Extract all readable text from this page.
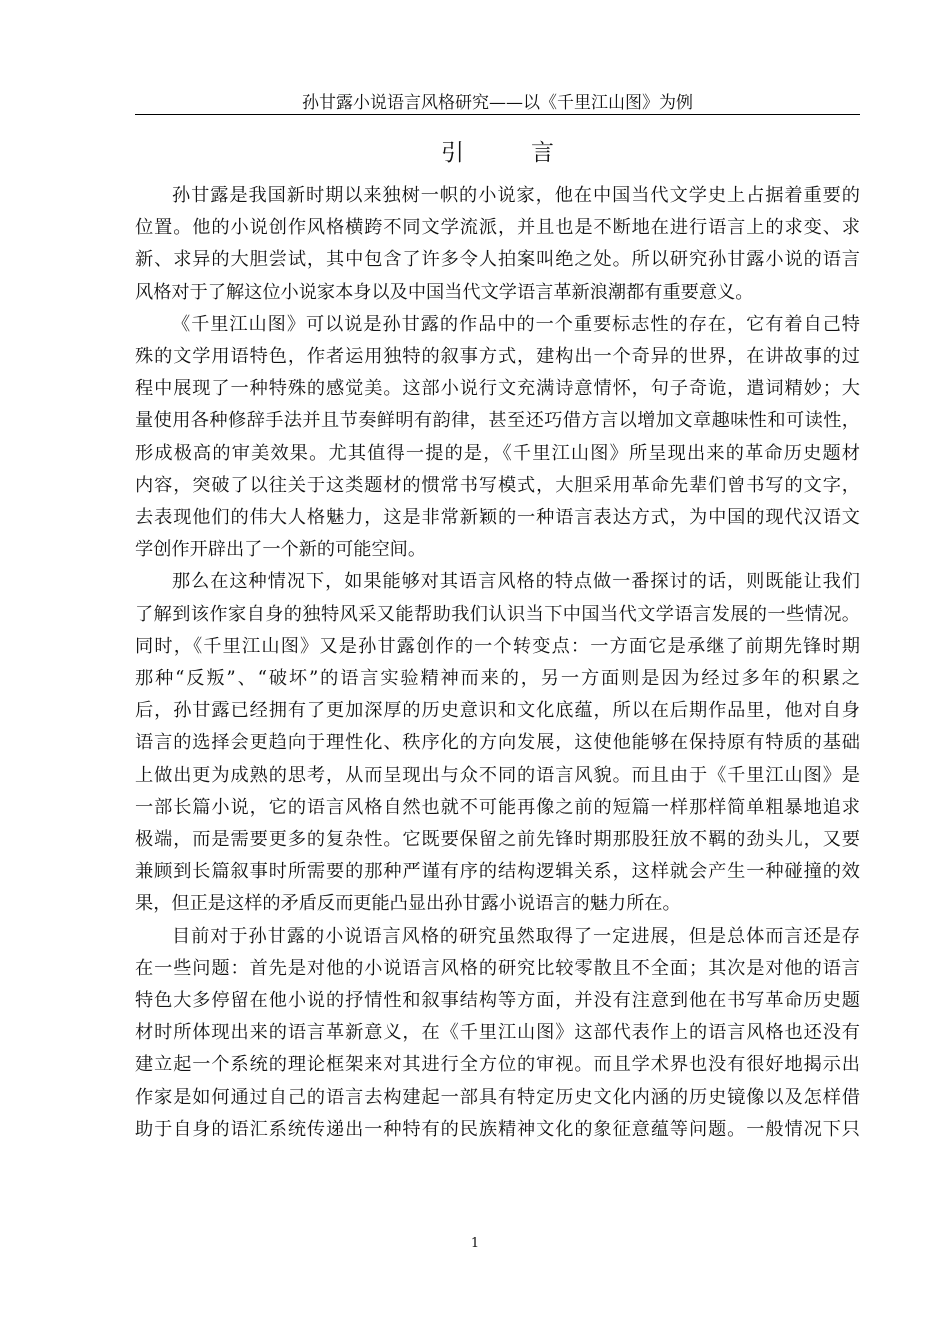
孙甘露小说语言风格研究——以《千里江山图》为例
引　言
孙甘露是我国新时期以来独树一帜的小说家，他在中国当代文学史上占据着重要的
位置。他的小说创作风格横跨不同文学流派，并且也是不断地在进行语言上的求变、求
新、求异的大胆尝试，其中包含了许多令人拍案叫绝之处。所以研究孙甘露小说的语言
风格对于了解这位小说家本身以及中国当代文学语言革新浪潮都有重要意义。
《千里江山图》可以说是孙甘露的作品中的一个重要标志性的存在，它有着自己特
殊的文学用语特色，作者运用独特的叙事方式，建构出一个奇异的世界，在讲故事的过
程中展现了一种特殊的感觉美。这部小说行文充满诗意情怀，句子奇诡，遣词精妙；大
量使用各种修辞手法并且节奏鲜明有韵律，甚至还巧借方言以增加文章趣味性和可读性，
形成极高的审美效果。尤其值得一提的是，《千里江山图》所呈现出来的革命历史题材
内容，突破了以往关于这类题材的惯常书写模式，大胆采用革命先辈们曾书写的文字，
去表现他们的伟大人格魅力，这是非常新颖的一种语言表达方式，为中国的现代汉语文
学创作开辟出了一个新的可能空间。
那么在这种情况下，如果能够对其语言风格的特点做一番探讨的话，则既能让我们
了解到该作家自身的独特风采又能帮助我们认识当下中国当代文学语言发展的一些情况。
同时，《千里江山图》又是孙甘露创作的一个转变点：一方面它是承继了前期先锋时期
那种“反叛”、“破坏”的语言实验精神而来的，另一方面则是因为经过多年的积累之
后，孙甘露已经拥有了更加深厚的历史意识和文化底蕴，所以在后期作品里，他对自身
语言的选择会更趋向于理性化、秩序化的方向发展，这使他能够在保持原有特质的基础
上做出更为成熟的思考，从而呈现出与众不同的语言风貌。而且由于《千里江山图》是
一部长篇小说，它的语言风格自然也就不可能再像之前的短篇一样那样简单粗暴地追求
极端，而是需要更多的复杂性。它既要保留之前先锋时期那股狂放不羁的劲头儿，又要
兼顾到长篇叙事时所需要的那种严谨有序的结构逻辑关系，这样就会产生一种碰撞的效
果，但正是这样的矛盾反而更能凸显出孙甘露小说语言的魅力所在。
目前对于孙甘露的小说语言风格的研究虽然取得了一定进展，但是总体而言还是存
在一些问题：首先是对他的小说语言风格的研究比较零散且不全面；其次是对他的语言
特色大多停留在他小说的抒情性和叙事结构等方面，并没有注意到他在书写革命历史题
材时所体现出来的语言革新意义，在《千里江山图》这部代表作上的语言风格也还没有
建立起一个系统的理论框架来对其进行全方位的审视。而且学术界也没有很好地揭示出
作家是如何通过自己的语言去构建起一部具有特定历史文化内涵的历史镜像以及怎样借
助于自身的语汇系统传递出一种特有的民族精神文化的象征意蕴等问题。一般情况下只
1
